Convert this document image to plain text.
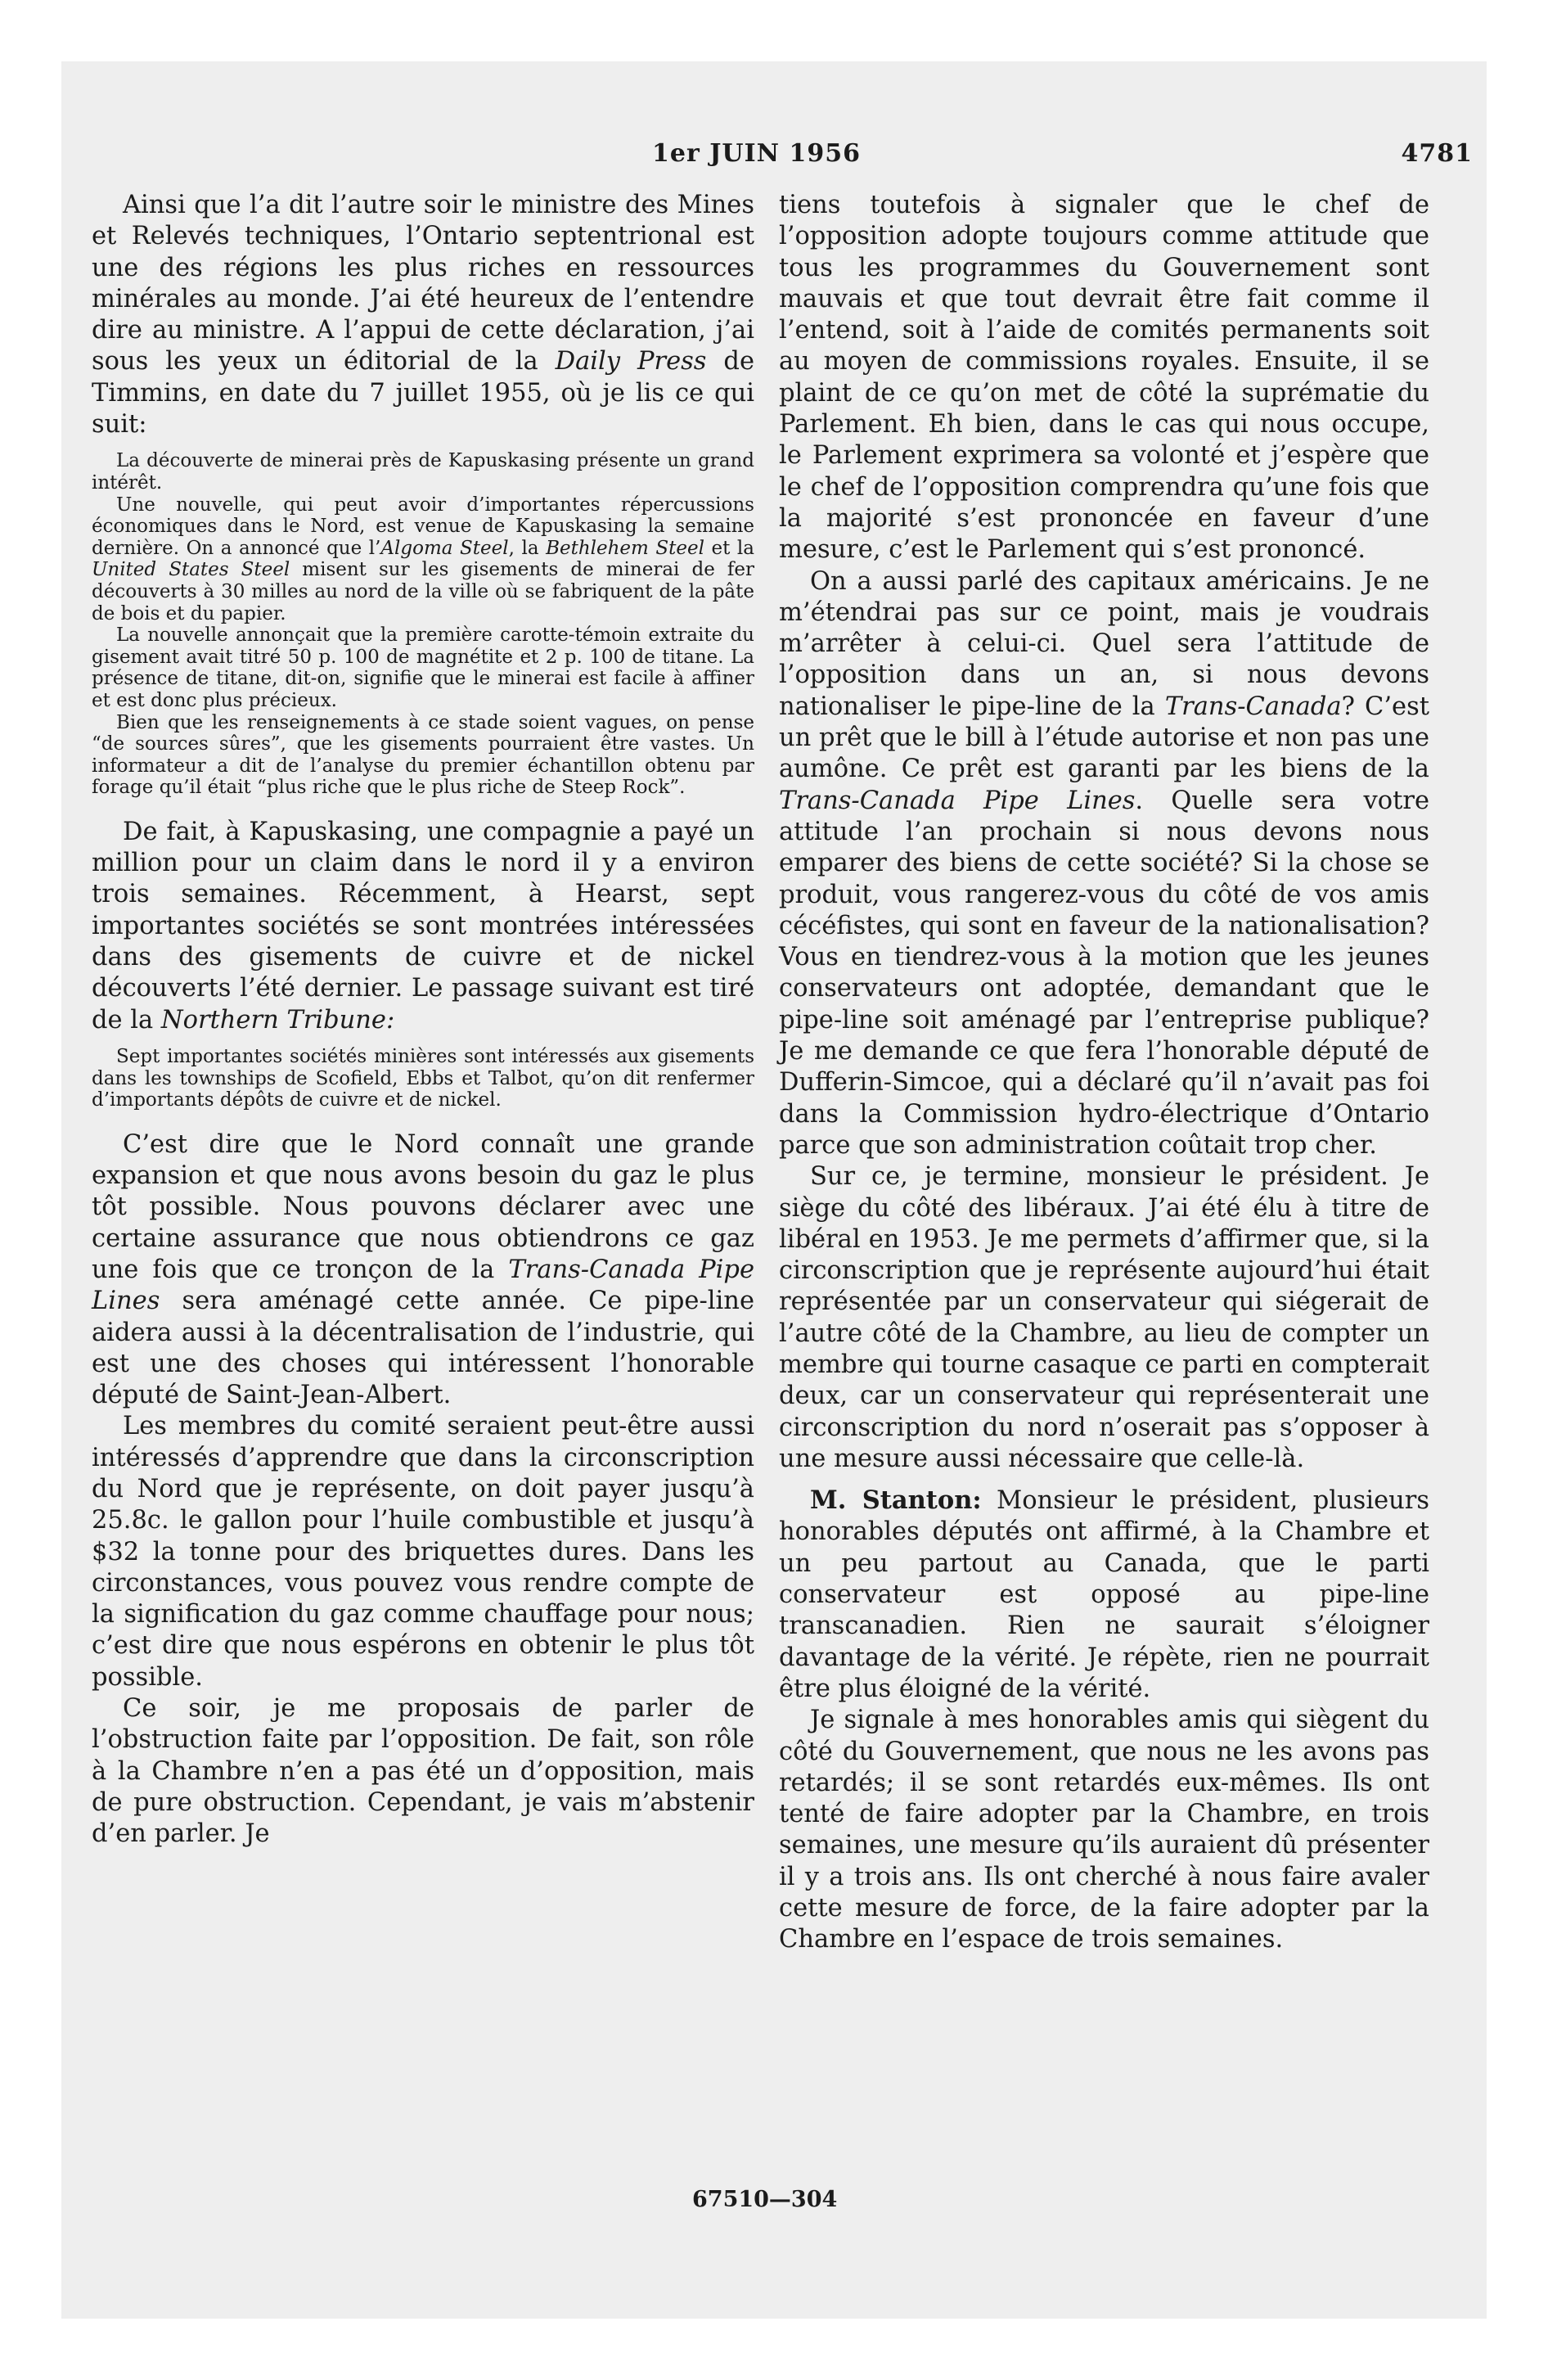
1er JUIN 1956	4781

Ainsi que l’a dit l’autre soir le ministre des Mines et Relevés techniques, l’Ontario septentrional est une des régions les plus riches en ressources minérales au monde. J’ai été heureux de l’entendre dire au ministre. A l’appui de cette déclaration, j’ai sous les yeux un éditorial de la Daily Press de Timmins, en date du 7 juillet 1955, où je lis ce qui suit:

La découverte de minerai près de Kapuskasing présente un grand intérêt.

Une nouvelle, qui peut avoir d’importantes répercussions économiques dans le Nord, est venue de Kapuskasing la semaine dernière. On a annoncé que l’Algoma Steel, la Bethlehem Steel et la United States Steel misent sur les gisements de minerai de fer découverts à 30 milles au nord de la ville où se fabriquent de la pâte de bois et du papier.

La nouvelle annonçait que la première carotte-témoin extraite du gisement avait titré 50 p. 100 de magnétite et 2 p. 100 de titane. La présence de titane, dit-on, signifie que le minerai est facile à affiner et est donc plus précieux.

Bien que les renseignements à ce stade soient vagues, on pense “de sources sûres”, que les gisements pourraient être vastes. Un informateur a dit de l’analyse du premier échantillon obtenu par forage qu’il était “plus riche que le plus riche de Steep Rock”.

De fait, à Kapuskasing, une compagnie a payé un million pour un claim dans le nord il y a environ trois semaines. Récemment, à Hearst, sept importantes sociétés se sont montrées intéressées dans des gisements de cuivre et de nickel découverts l’été dernier. Le passage suivant est tiré de la Northern Tribune:

Sept importantes sociétés minières sont intéressés aux gisements dans les townships de Scofield, Ebbs et Talbot, qu’on dit renfermer d’importants dépôts de cuivre et de nickel.

C’est dire que le Nord connaît une grande expansion et que nous avons besoin du gaz le plus tôt possible. Nous pouvons déclarer avec une certaine assurance que nous obtiendrons ce gaz une fois que ce tronçon de la Trans-Canada Pipe Lines sera aménagé cette année. Ce pipe-line aidera aussi à la décentralisation de l’industrie, qui est une des choses qui intéressent l’honorable député de Saint-Jean-Albert.

Les membres du comité seraient peut-être aussi intéressés d’apprendre que dans la circonscription du Nord que je représente, on doit payer jusqu’à 25.8c. le gallon pour l’huile combustible et jusqu’à $32 la tonne pour des briquettes dures. Dans les circonstances, vous pouvez vous rendre compte de la signification du gaz comme chauffage pour nous; c’est dire que nous espérons en obtenir le plus tôt possible.

Ce soir, je me proposais de parler de l’obstruction faite par l’opposition. De fait, son rôle à la Chambre n’en a pas été un d’opposition, mais de pure obstruction. Cependant, je vais m’abstenir d’en parler. Je

tiens toutefois à signaler que le chef de l’opposition adopte toujours comme attitude que tous les programmes du Gouvernement sont mauvais et que tout devrait être fait comme il l’entend, soit à l’aide de comités permanents soit au moyen de commissions royales. Ensuite, il se plaint de ce qu’on met de côté la suprématie du Parlement. Eh bien, dans le cas qui nous occupe, le Parlement exprimera sa volonté et j’espère que le chef de l’opposition comprendra qu’une fois que la majorité s’est prononcée en faveur d’une mesure, c’est le Parlement qui s’est prononcé.

On a aussi parlé des capitaux américains. Je ne m’étendrai pas sur ce point, mais je voudrais m’arrêter à celui-ci. Quel sera l’attitude de l’opposition dans un an, si nous devons nationaliser le pipe-line de la Trans-Canada? C’est un prêt que le bill à l’étude autorise et non pas une aumône. Ce prêt est garanti par les biens de la Trans-Canada Pipe Lines. Quelle sera votre attitude l’an prochain si nous devons nous emparer des biens de cette société? Si la chose se produit, vous rangerez-vous du côté de vos amis cécéfistes, qui sont en faveur de la nationalisation? Vous en tiendrez-vous à la motion que les jeunes conservateurs ont adoptée, demandant que le pipe-line soit aménagé par l’entreprise publique? Je me demande ce que fera l’honorable député de Dufferin-Simcoe, qui a déclaré qu’il n’avait pas foi dans la Commission hydro-électrique d’Ontario parce que son administration coûtait trop cher.

Sur ce, je termine, monsieur le président. Je siège du côté des libéraux. J’ai été élu à titre de libéral en 1953. Je me permets d’affirmer que, si la circonscription que je représente aujourd’hui était représentée par un conservateur qui siégerait de l’autre côté de la Chambre, au lieu de compter un membre qui tourne casaque ce parti en compterait deux, car un conservateur qui représenterait une circonscription du nord n’oserait pas s’opposer à une mesure aussi nécessaire que celle-là.

M. Stanton: Monsieur le président, plusieurs honorables députés ont affirmé, à la Chambre et un peu partout au Canada, que le parti conservateur est opposé au pipe-line transcanadien. Rien ne saurait s’éloigner davantage de la vérité. Je répète, rien ne pourrait être plus éloigné de la vérité.

Je signale à mes honorables amis qui siègent du côté du Gouvernement, que nous ne les avons pas retardés; il se sont retardés eux-mêmes. Ils ont tenté de faire adopter par la Chambre, en trois semaines, une mesure qu’ils auraient dû présenter il y a trois ans. Ils ont cherché à nous faire avaler cette mesure de force, de la faire adopter par la Chambre en l’espace de trois semaines.

67510—304
